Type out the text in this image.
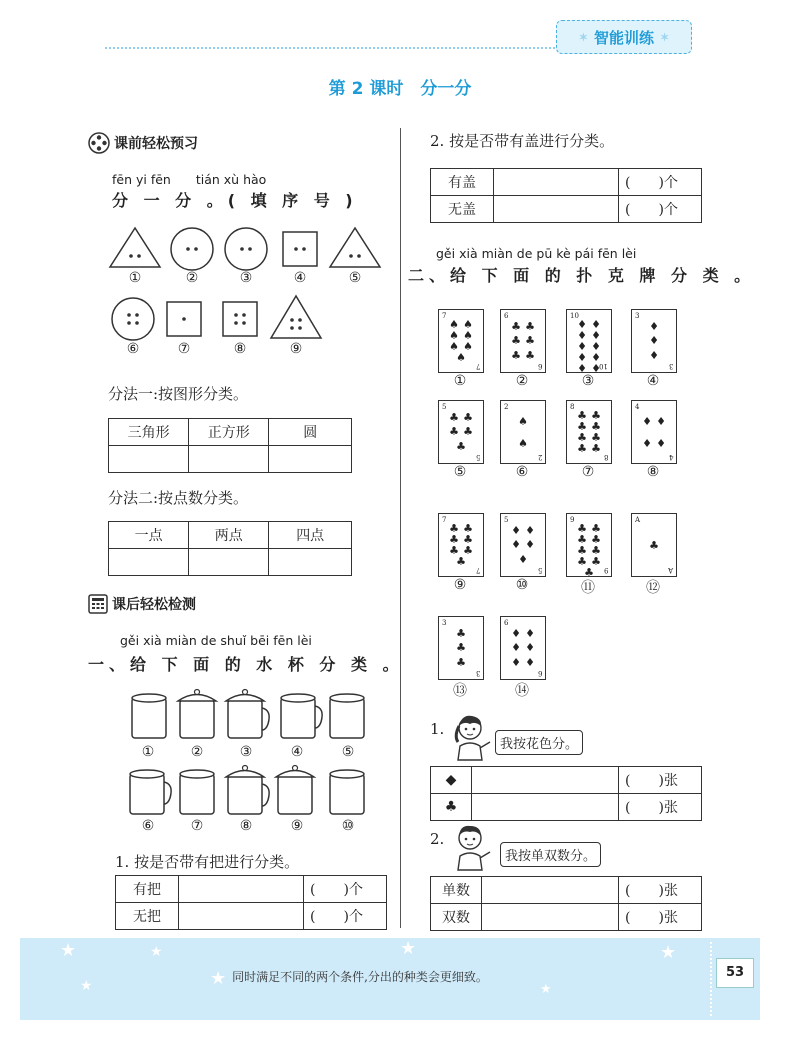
✶ 智能训练 ✶
第 2 课时　分一分
课前轻松预习
fēn yi fēn　　tián xù hào
分 一 分 。( 填 序 号 )
①	②	③	④	⑤
⑥	⑦	⑧	⑨
分法一:按图形分类。
三角形	正方形	圆

分法二:按点数分类。
一点	两点	四点

课后轻松检测
gěi xià miàn de shuǐ bēi fēn lèi
一、给 下 面 的 水 杯 分 类 。
①	②	③	④	⑤
⑥	⑦	⑧	⑨	⑩
1. 按是否带有把进行分类。
有把		(　　)个
无把		(　　)个
2. 按是否带有盖进行分类。
有盖		(　　)个
无盖		(　　)个
gěi xià miàn de pū kè pái fēn lèi
二、给 下 面 的 扑 克 牌 分 类 。
7
♠ ♠
♠ ♠
♠ ♠
♠
7
①
6
♣ ♣
♣ ♣
♣ ♣
6
②
10
♦ ♦
♦ ♦
♦ ♦
♦ ♦
♦ ♦
10
③
3
♦
♦
♦
3
④
5
♣ ♣
♣ ♣
♣
5
⑤
2
♠
♠
2
⑥
8
♣ ♣
♣ ♣
♣ ♣
♣ ♣
8
⑦
4
♦ ♦
♦ ♦
4
⑧
7
♣ ♣
♣ ♣
♣ ♣
♣
7
⑨
5
♦ ♦
♦ ♦
♦
5
⑩
9
♣ ♣
♣ ♣
♣ ♣
♣ ♣
♣ 9
⑪
A
♣
A
⑫
3
♣
♣
♣
3
⑬
6
♦ ♦
♦ ♦
♦ ♦
6
⑭
1.
我按花色分。
◆		(　　)张
♣		(　　)张
2.
我按单双数分。
单数		(　　)张
双数		(　　)张
★
★
★
★
★
★
★
同时满足不同的两个条件,分出的种类会更细致。	53
